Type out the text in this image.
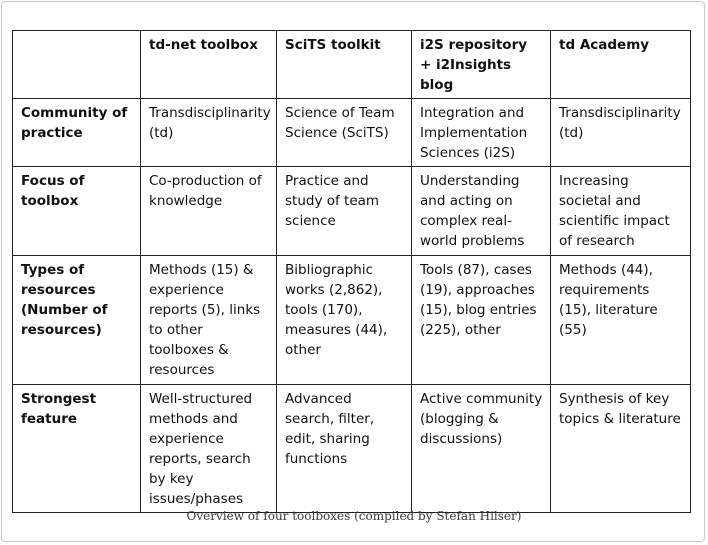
	td-net toolbox	SciTS toolkit	i2S repository + i2Insights blog	td Academy
Community of practice	Transdisciplinarity (td)	Science of Team Science (SciTS)	Integration and Implementation Sciences (i2S)	Transdisciplinarity (td)
Focus of toolbox	Co-production of knowledge	Practice and study of team science	Understanding and acting on complex real-world problems	Increasing societal and scientific impact of research
Types of resources (Number of resources)	Methods (15) & experience reports (5), links to other toolboxes & resources	Bibliographic works (2,862), tools (170), measures (44), other	Tools (87), cases (19), approaches (15), blog entries (225), other	Methods (44), requirements (15), literature (55)
Strongest feature	Well-structured methods and experience reports, search by key issues/phases	Advanced search, filter, edit, sharing functions	Active community (blogging & discussions)	Synthesis of key topics & literature
Overview of four toolboxes (compiled by Stefan Hilser)
